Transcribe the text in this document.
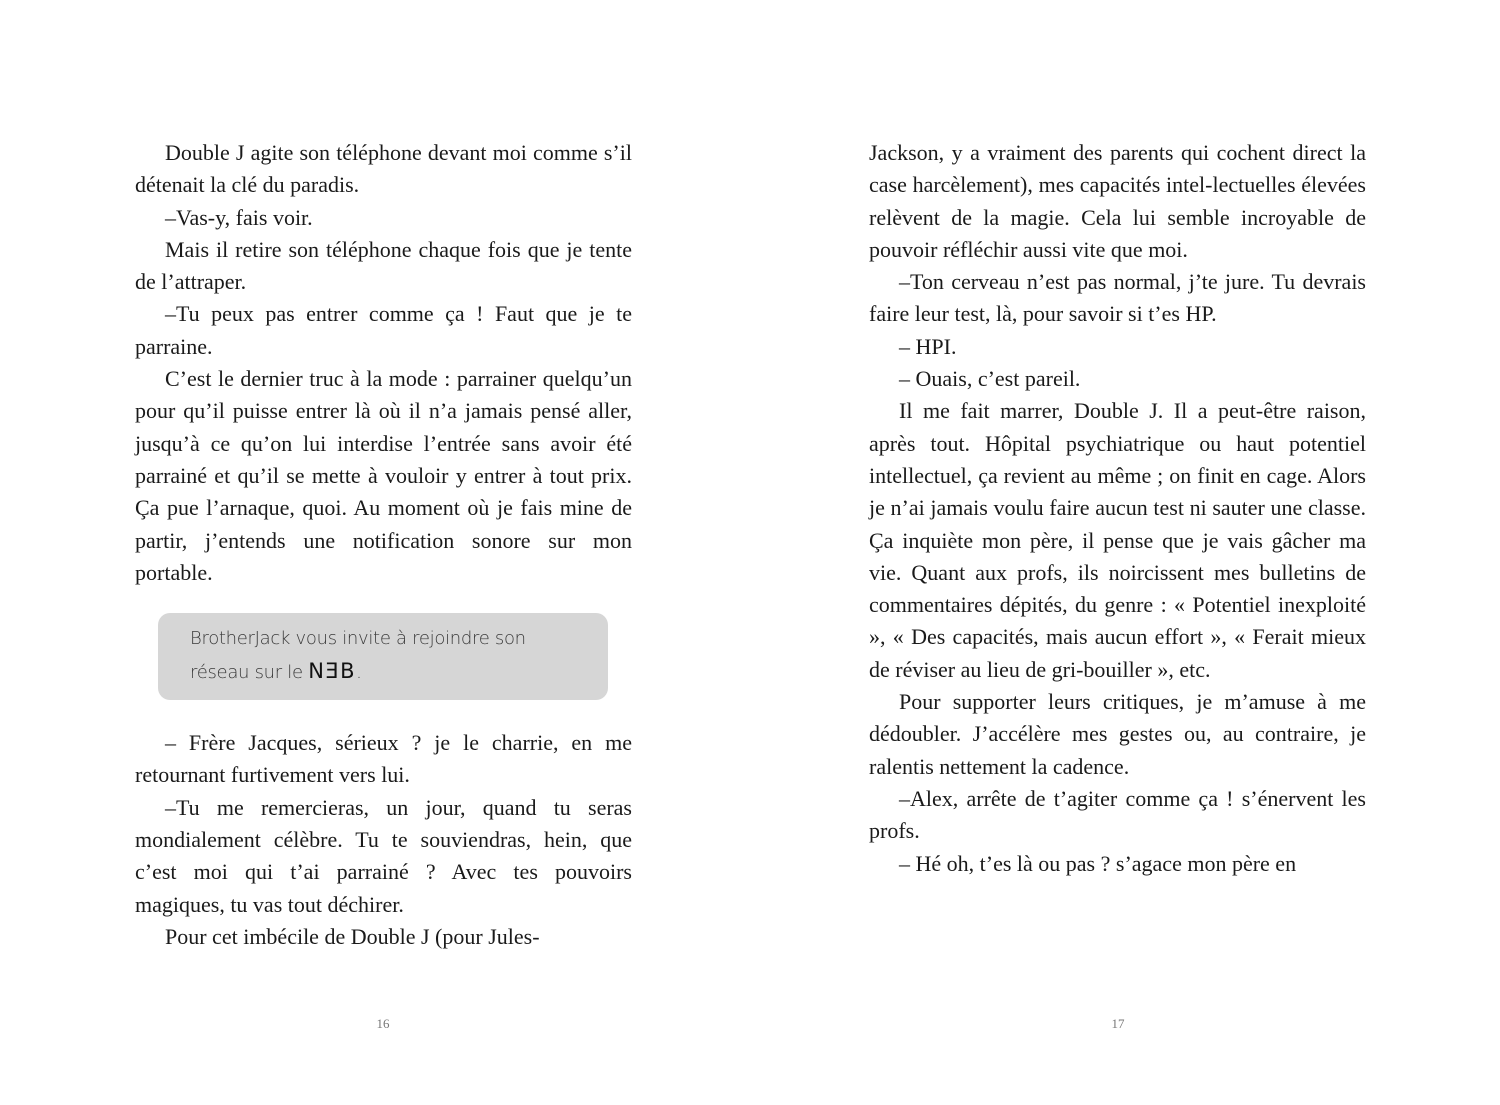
Double J agite son téléphone devant moi comme s’il détenait la clé du paradis.

–Vas-y, fais voir.

Mais il retire son téléphone chaque fois que je tente de l’attraper.

–Tu peux pas entrer comme ça ! Faut que je te parraine.

C’est le dernier truc à la mode : parrainer quelqu’un pour qu’il puisse entrer là où il n’a jamais pensé aller, jusqu’à ce qu’on lui interdise l’entrée sans avoir été parrainé et qu’il se mette à vouloir y entrer à tout prix. Ça pue l’arnaque, quoi. Au moment où je fais mine de partir, j’entends une notification sonore sur mon portable.

BrotherJack vous invite à rejoindre son réseau sur le NƎB.

– Frère Jacques, sérieux ? je le charrie, en me retournant furtivement vers lui.

–Tu me remercieras, un jour, quand tu seras mondialement célèbre. Tu te souviendras, hein, que c’est moi qui t’ai parrainé ? Avec tes pouvoirs magiques, tu vas tout déchirer.

Pour cet imbécile de Double J (pour Jules-

16

Jackson, y a vraiment des parents qui cochent direct la case harcèlement), mes capacités intel-lectuelles élevées relèvent de la magie. Cela lui semble incroyable de pouvoir réfléchir aussi vite que moi.

–Ton cerveau n’est pas normal, j’te jure. Tu devrais faire leur test, là, pour savoir si t’es HP.

– HPI.

– Ouais, c’est pareil.

Il me fait marrer, Double J. Il a peut-être raison, après tout. Hôpital psychiatrique ou haut potentiel intellectuel, ça revient au même ; on finit en cage. Alors je n’ai jamais voulu faire aucun test ni sauter une classe. Ça inquiète mon père, il pense que je vais gâcher ma vie. Quant aux profs, ils noircissent mes bulletins de commentaires dépités, du genre : « Potentiel inexploité », « Des capacités, mais aucun effort », « Ferait mieux de réviser au lieu de gri-bouiller », etc.

Pour supporter leurs critiques, je m’amuse à me dédoubler. J’accélère mes gestes ou, au contraire, je ralentis nettement la cadence.

–Alex, arrête de t’agiter comme ça ! s’énervent les profs.

– Hé oh, t’es là ou pas ? s’agace mon père en

17
